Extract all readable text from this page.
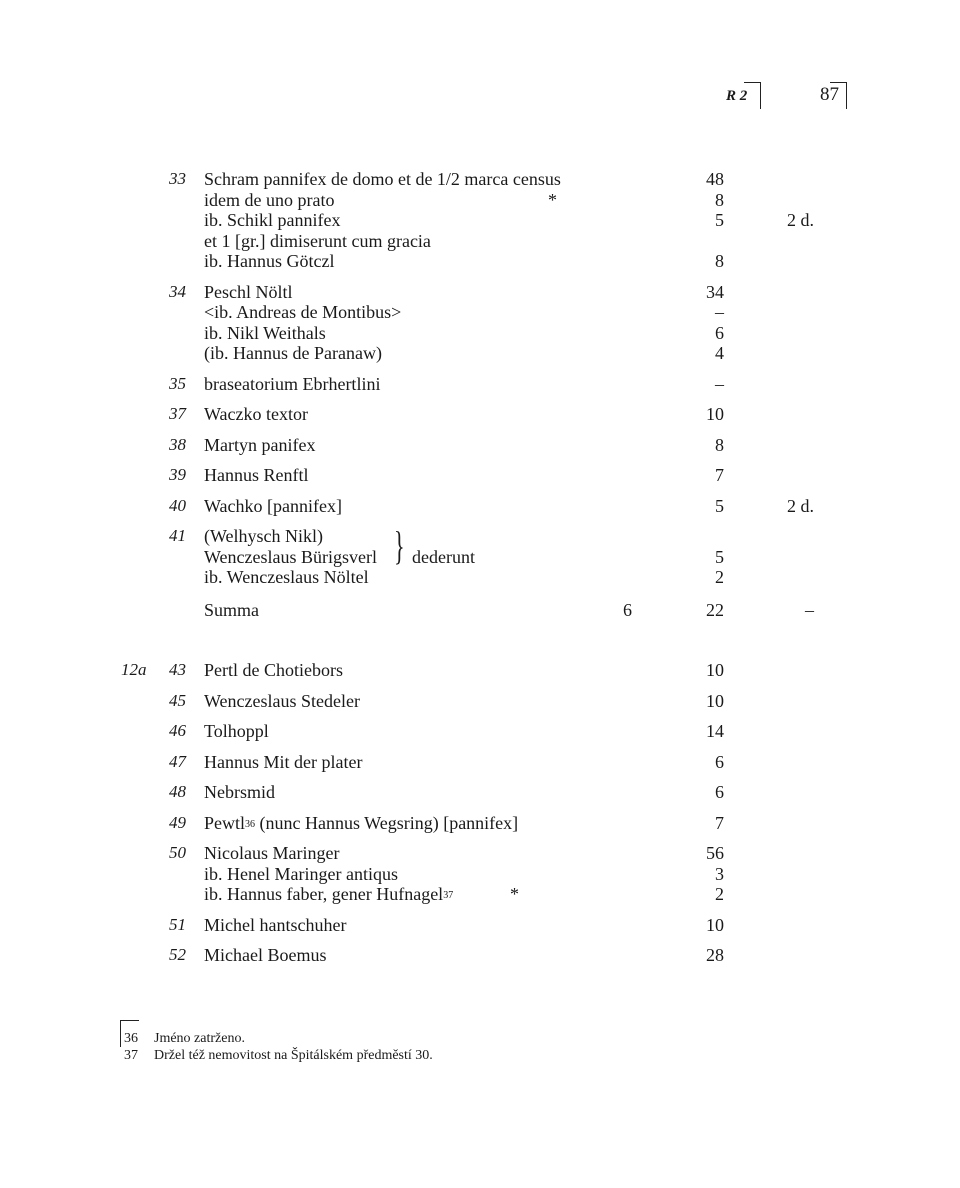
R 2	87
33 Schram pannifex de domo et de 1/2 marca census	48
idem de uno prato	*	8
ib. Schikl pannifex	5	2 d.
et 1 [gr.] dimiserunt cum gracia
ib. Hannus Götczl	8
34 Peschl Nöltl	34
<ib. Andreas de Montibus>	–
ib. Nikl Weithals	6
(ib. Hannus de Paranaw)	4
35 braseatorium Ebrhertlini	–
37 Waczko textor	10
38 Martyn panifex	8
39 Hannus Renftl	7
40 Wachko [pannifex]	5	2 d.
41 (Welhysch Nikl)
Wenczeslaus Bürigsverl	5
ib. Wenczeslaus Nöltel	2
} dederunt
Summa	6	22	–
12a 43 Pertl de Chotiebors	10
45 Wenczeslaus Stedeler	10
46 Tolhoppl	14
47 Hannus Mit der plater	6
48 Nebrsmid	6
49 Pewtl$^{36}$ (nunc Hannus Wegsring) [pannifex]	7
50 Nicolaus Maringer	56
ib. Henel Maringer antiqus	3
ib. Hannus faber, gener Hufnagel$^{37}$	*	2
51 Michel hantschuher	10
52 Michael Boemus	28
36 Jméno zatrženo.
37 Držel též nemovitost na Špitálském předměstí 30.
